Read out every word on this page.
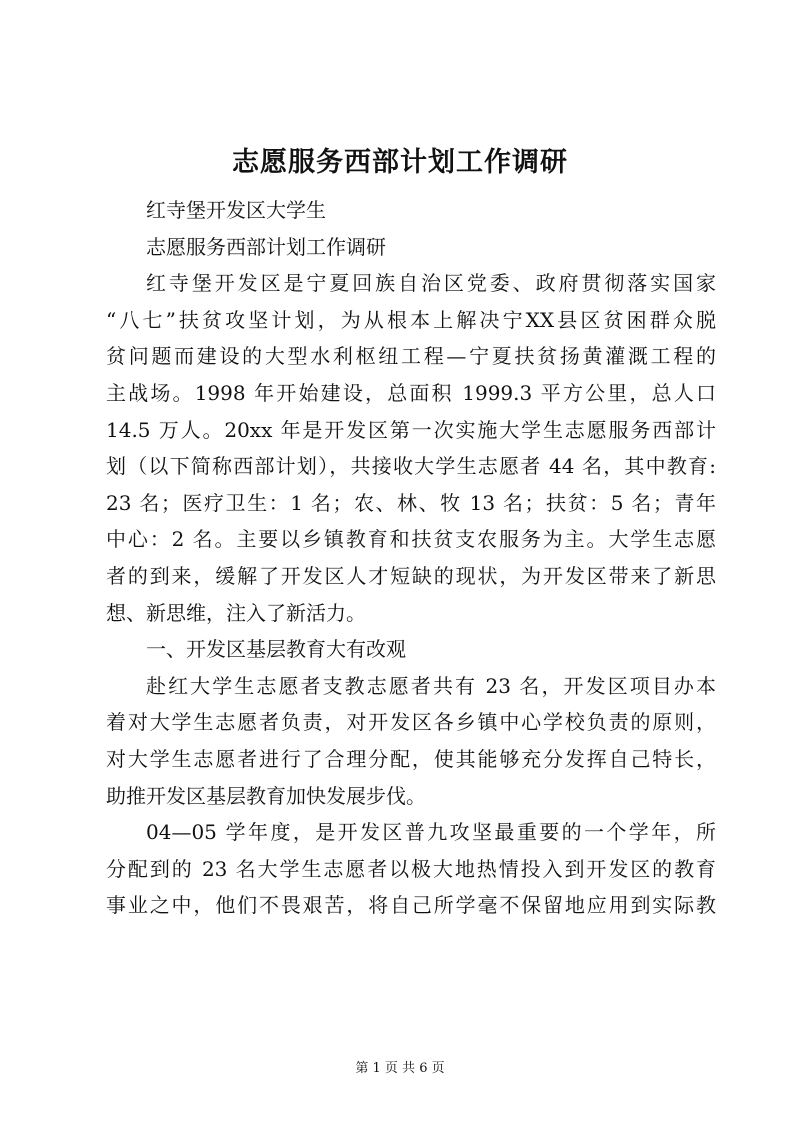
志愿服务西部计划工作调研
红寺堡开发区大学生
志愿服务西部计划工作调研
红寺堡开发区是宁夏回族自治区党委、政府贯彻落实国家
“八七”扶贫攻坚计划，为从根本上解决宁XX县区贫困群众脱
贫问题而建设的大型水利枢纽工程—宁夏扶贫扬黄灌溉工程的
主战场。1998 年开始建设，总面积 1999.3 平方公里，总人口
14.5 万人。20xx 年是开发区第一次实施大学生志愿服务西部计
划（以下简称西部计划），共接收大学生志愿者 44 名，其中教育:
23 名；医疗卫生：1 名；农、林、牧 13 名；扶贫：5 名；青年
中心：2 名。主要以乡镇教育和扶贫支农服务为主。大学生志愿
者的到来，缓解了开发区人才短缺的现状，为开发区带来了新思
想、新思维，注入了新活力。
一、开发区基层教育大有改观
赴红大学生志愿者支教志愿者共有 23 名，开发区项目办本
着对大学生志愿者负责，对开发区各乡镇中心学校负责的原则，
对大学生志愿者进行了合理分配，使其能够充分发挥自己特长，
助推开发区基层教育加快发展步伐。
04—05 学年度，是开发区普九攻坚最重要的一个学年，所
分配到的 23 名大学生志愿者以极大地热情投入到开发区的教育
事业之中，他们不畏艰苦，将自己所学毫不保留地应用到实际教
第 1 页 共 6 页
